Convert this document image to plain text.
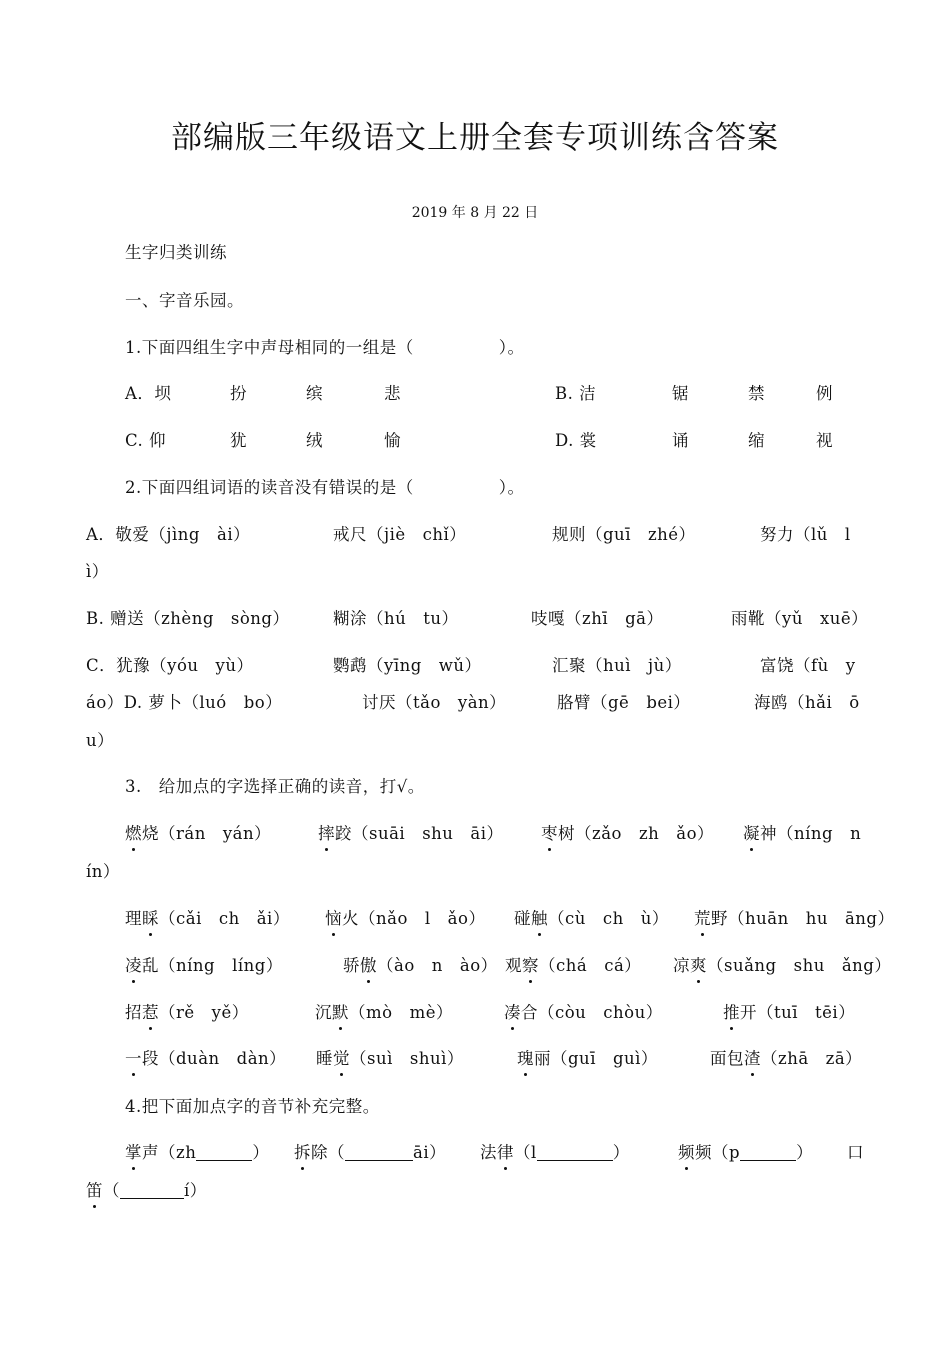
部编版三年级语文上册全套专项训练含答案
2019 年 8 月 22 日
生字归类训练
一、字音乐园。
1.下面四组生字中声母相同的一组是（　　　　　）。
A．坝	扮	缤	悲	B. 洁	锯	禁	例
C. 仰	犹	绒	愉	D. 裳	诵	缩	视
2.下面四组词语的读音没有错误的是（　　　　　）。
A．敬爱（jìng　ài）	戒尺（jiè　chǐ）	规则（guī　zhé）	努力（lǔ　l
ì）
B. 赠送（zhèng　sòng）	糊涂（hú　tu）	吱嘎（zhī　gā）	雨靴（yǔ　xuē）
C．犹豫（yóu　yù）	鹦鹉（yīng　wǔ）	汇聚（huì　jù）	富饶（fù　y
áo）D. 萝卜（luó　bo）	讨厌（tǎo　yàn）	胳臂（gē　bei）	海鸥（hǎi　ō
u）
3.　给加点的字选择正确的读音，打√。
燃烧（rán　yán）	摔跤（suāi　shu　āi） 枣树（zǎo　zh　ǎo） 凝神（níng　n
ín）
理睬（cǎi　ch　ǎi） 恼火（nǎo　l　ǎo） 碰触（cù　ch　ù） 荒野（huān　hu　āng）
凌乱（níng　líng）	骄傲（ào　n　ào） 观察（chá　cá） 凉爽（suǎng　shu　ǎng）
招惹（rě　yě）	沉默（mò　mè）	凑合（còu　chòu）	推开（tuī　tēi）
一段（duàn　dàn） 睡觉（suì　shuì）	瑰丽（guī　guì）	面包渣（zhā　zā）
4.把下面加点字的音节补充完整。
掌声（zh	） 拆除（	āi） 法律（l	）	频频（p	） 口
笛（	í）
